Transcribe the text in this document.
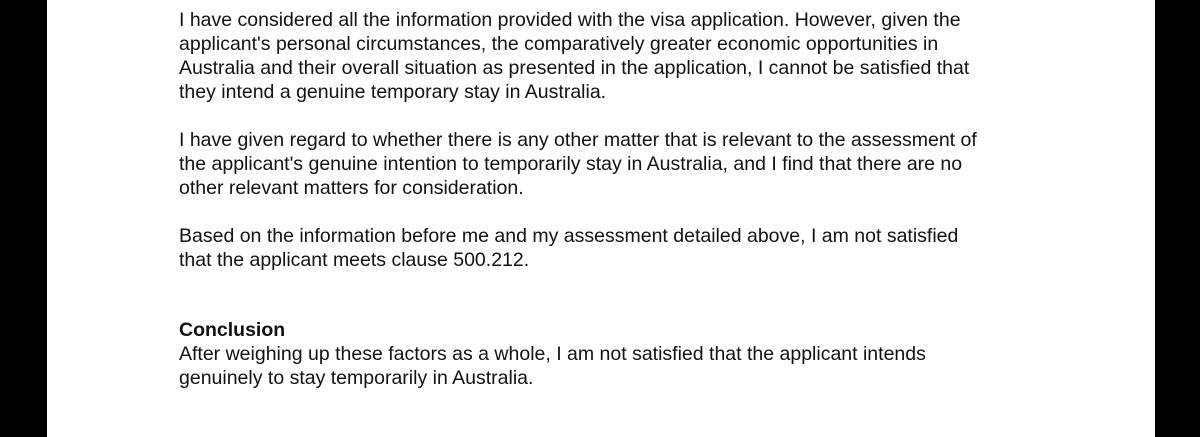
I have considered all the information provided with the visa application. However, given the
applicant's personal circumstances, the comparatively greater economic opportunities in
Australia and their overall situation as presented in the application, I cannot be satisfied that
they intend a genuine temporary stay in Australia.

I have given regard to whether there is any other matter that is relevant to the assessment of
the applicant's genuine intention to temporarily stay in Australia, and I find that there are no
other relevant matters for consideration.

Based on the information before me and my assessment detailed above, I am not satisfied
that the applicant meets clause 500.212.

Conclusion
After weighing up these factors as a whole, I am not satisfied that the applicant intends
genuinely to stay temporarily in Australia.
